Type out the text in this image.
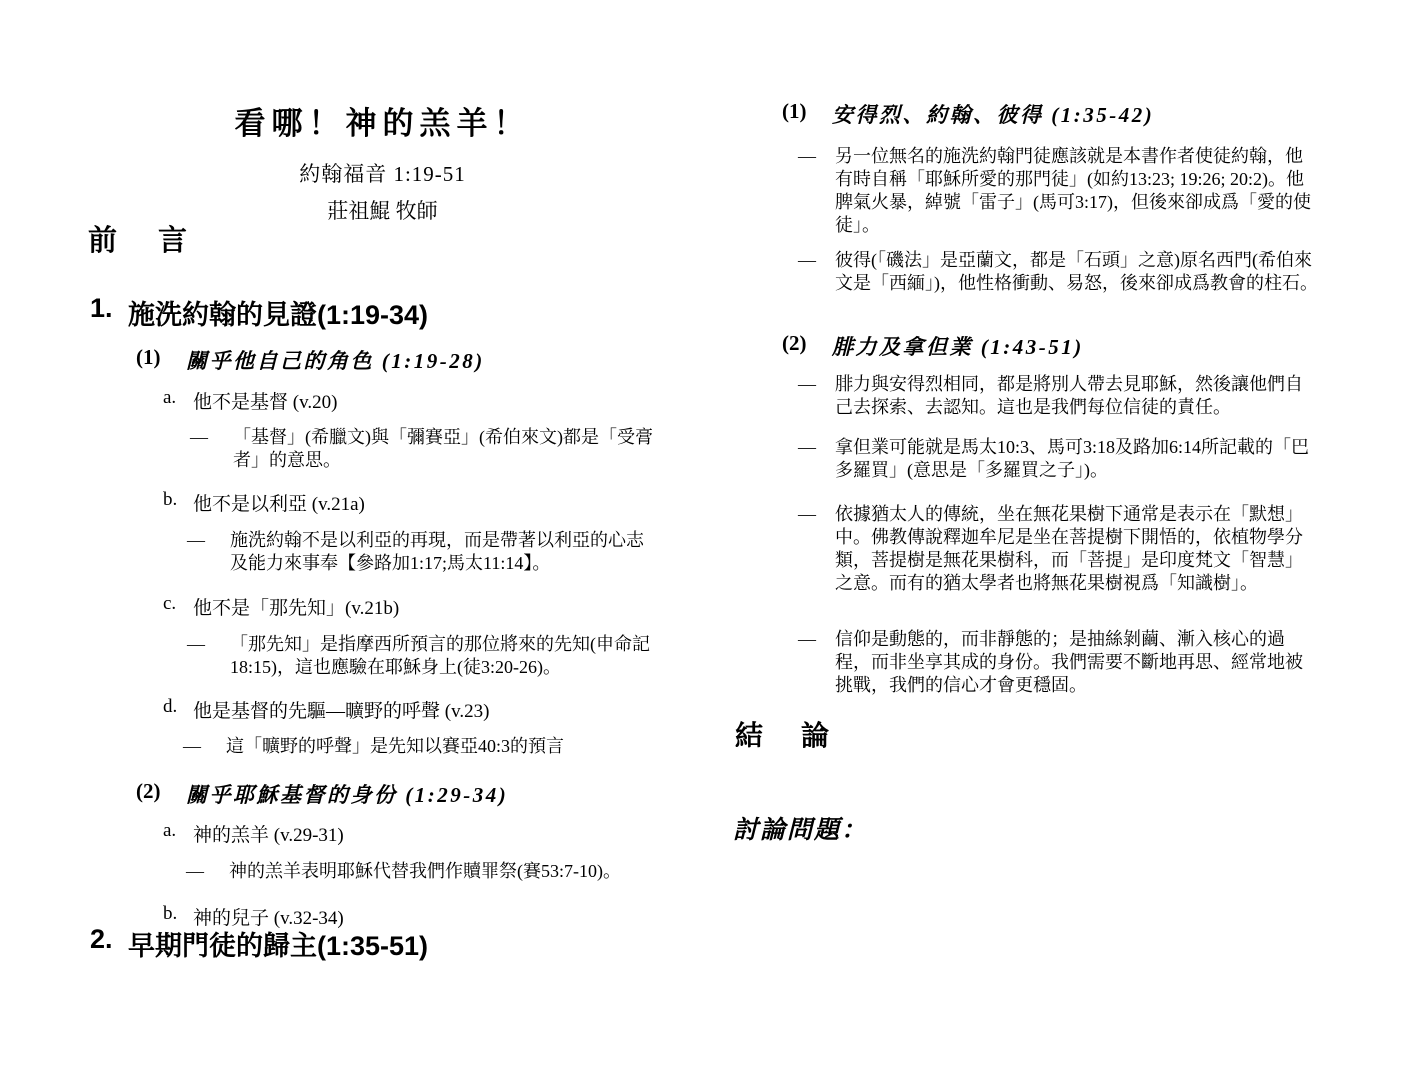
看哪！神的羔羊！
約翰福音 1:19-51
莊祖鯤 牧師
前　言
1. 施洗約翰的見證(1:19-34)
(1)	關乎他自己的角色 (1:19-28)
a. 他不是基督 (v.20)
—	「基督」(希臘文)與「彌賽亞」(希伯來文)都是「受膏者」的意思。
b. 他不是以利亞 (v.21a)
—	施洗約翰不是以利亞的再現，而是帶著以利亞的心志及能力來事奉【參路加1:17;馬太11:14】。
c. 他不是「那先知」(v.21b)
—	「那先知」是指摩西所預言的那位將來的先知(申命記18:15)，這也應驗在耶穌身上(徒3:20-26)。
d. 他是基督的先驅—曠野的呼聲 (v.23)
—	這「曠野的呼聲」是先知以賽亞40:3的預言
(2)	關乎耶穌基督的身份 (1:29-34)
a. 神的羔羊 (v.29-31)
—	神的羔羊表明耶穌代替我們作贖罪祭(賽53:7-10)。
b. 神的兒子 (v.32-34)
2. 早期門徒的歸主(1:35-51)
(1)	安得烈、約翰、彼得 (1:35-42)
—	另一位無名的施洗約翰門徒應該就是本書作者使徒約翰，他有時自稱「耶穌所愛的那門徒」(如約13:23; 19:26; 20:2)。他脾氣火暴，綽號「雷子」(馬可3:17)，但後來卻成爲「愛的使徒」。
—	彼得(「磯法」是亞蘭文，都是「石頭」之意)原名西門(希伯來文是「西緬」)，他性格衝動、易怒，後來卻成爲教會的柱石。
(2)	腓力及拿但業 (1:43-51)
—	腓力與安得烈相同，都是將別人帶去見耶穌，然後讓他們自己去探索、去認知。這也是我們每位信徒的責任。
—	拿但業可能就是馬太10:3、馬可3:18及路加6:14所記載的「巴多羅買」(意思是「多羅買之子」)。
—	依據猶太人的傳統，坐在無花果樹下通常是表示在「默想」中。佛教傳說釋迦牟尼是坐在菩提樹下開悟的，依植物學分類，菩提樹是無花果樹科，而「菩提」是印度梵文「智慧」之意。而有的猶太學者也將無花果樹視爲「知識樹」。
—	信仰是動態的，而非靜態的；是抽絲剝繭、漸入核心的過程，而非坐享其成的身份。我們需要不斷地再思、經常地被挑戰，我們的信心才會更穩固。
結　論
討論問題：
